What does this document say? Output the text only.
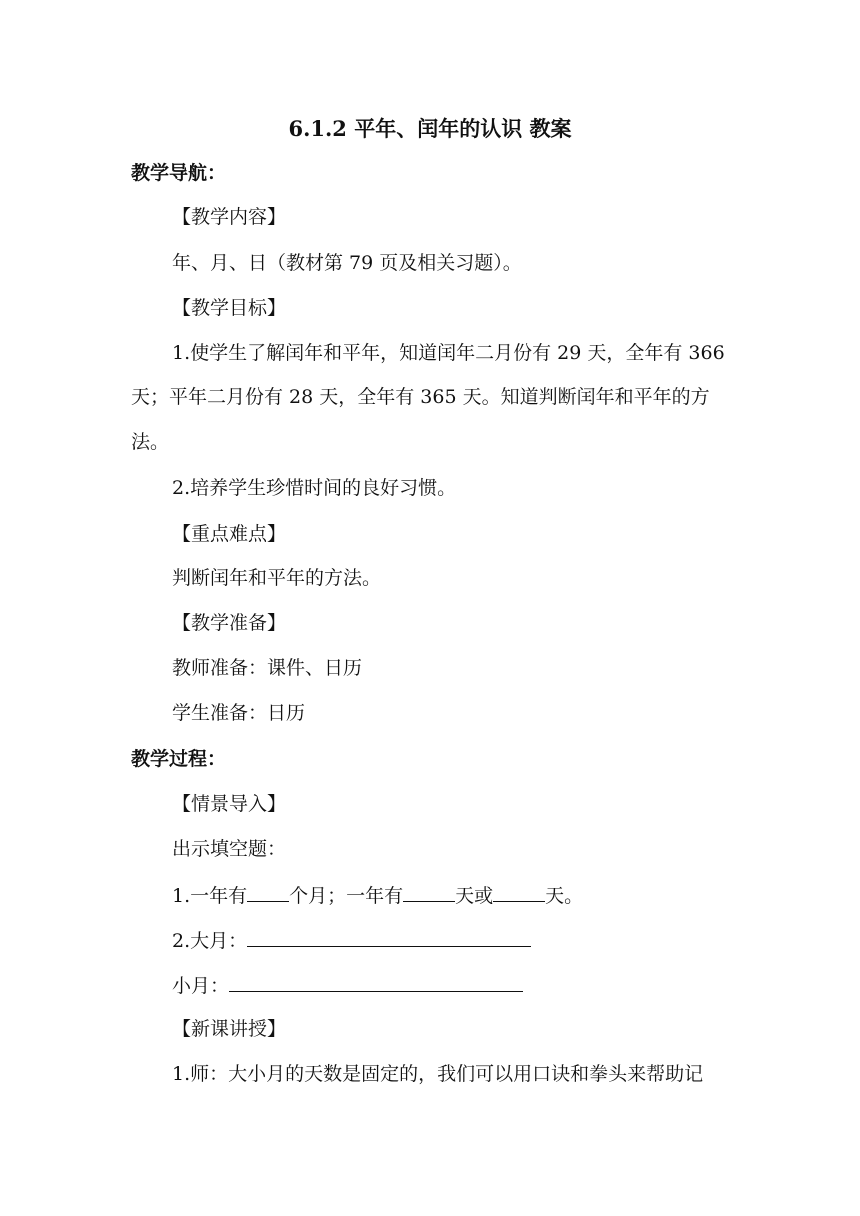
6.1.2 平年、闰年的认识 教案
教学导航：
【教学内容】
年、月、日（教材第 79 页及相关习题）。
【教学目标】
1.使学生了解闰年和平年，知道闰年二月份有 29 天，全年有 366
天；平年二月份有 28 天，全年有 365 天。知道判断闰年和平年的方
法。
2.培养学生珍惜时间的良好习惯。
【重点难点】
判断闰年和平年的方法。
【教学准备】
教师准备：课件、日历
学生准备：日历
教学过程：
【情景导入】
出示填空题：
1.一年有 个月；一年有	天或	天。
2.大月：
小月：
【新课讲授】
1.师：大小月的天数是固定的，我们可以用口诀和拳头来帮助记
